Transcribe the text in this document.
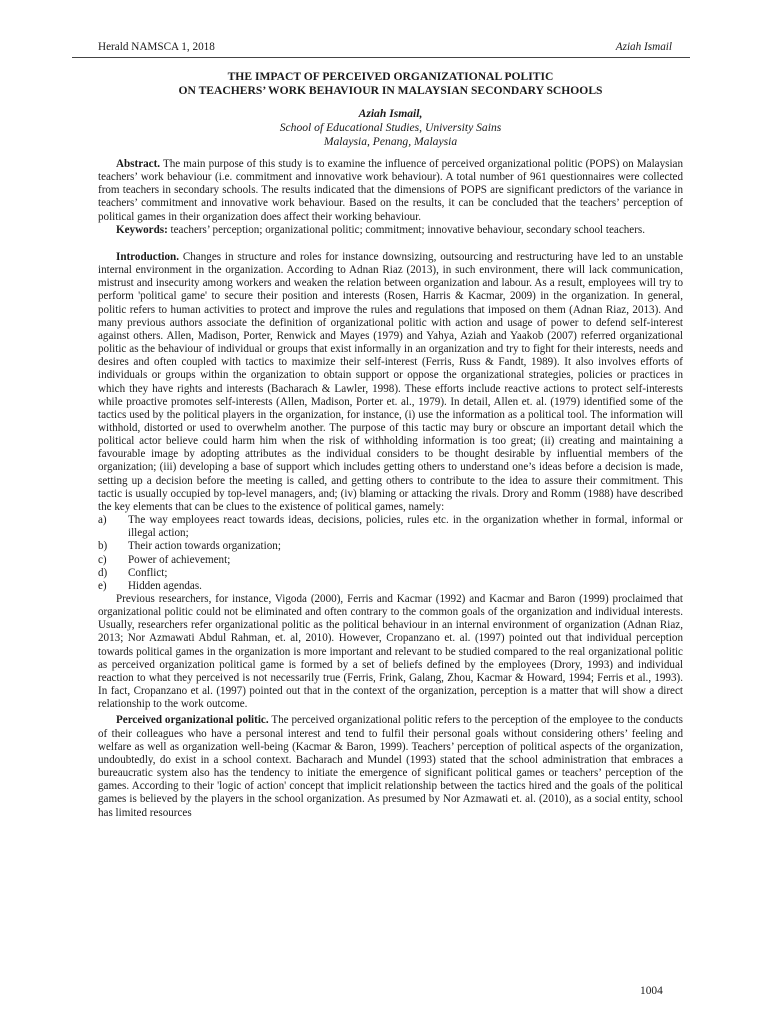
Herald NAMSCA 1, 2018	Aziah Ismail
THE IMPACT OF PERCEIVED ORGANIZATIONAL POLITIC
ON TEACHERS’ WORK BEHAVIOUR IN MALAYSIAN SECONDARY SCHOOLS

Aziah Ismail,

School of Educational Studies, University Sains
Malaysia, Penang, Malaysia

Abstract. The main purpose of this study is to examine the influence of perceived organizational politic (POPS) on Malaysian teachers’ work behaviour (i.e. commitment and innovative work behaviour). A total number of 961 questionnaires were collected from teachers in secondary schools. The results indicated that the dimensions of POPS are significant predictors of the variance in teachers’ commitment and innovative work behaviour. Based on the results, it can be concluded that the teachers’ perception of political games in their organization does affect their working behaviour.

Keywords: teachers’ perception; organizational politic; commitment; innovative behaviour, secondary school teachers.

Introduction. Changes in structure and roles for instance downsizing, outsourcing and restructuring have led to an unstable internal environment in the organization. According to Adnan Riaz (2013), in such environment, there will lack communication, mistrust and insecurity among workers and weaken the relation between organization and labour. As a result, employees will try to perform 'political game' to secure their position and interests (Rosen, Harris & Kacmar, 2009) in the organization. In general, politic refers to human activities to protect and improve the rules and regulations that imposed on them (Adnan Riaz, 2013). And many previous authors associate the definition of organizational politic with action and usage of power to defend self-interest against others. Allen, Madison, Porter, Renwick and Mayes (1979) and Yahya, Aziah and Yaakob (2007) referred organizational politic as the behaviour of individual or groups that exist informally in an organization and try to fight for their interests, needs and desires and often coupled with tactics to maximize their self-interest (Ferris, Russ & Fandt, 1989). It also involves efforts of individuals or groups within the organization to obtain support or oppose the organizational strategies, policies or practices in which they have rights and interests (Bacharach & Lawler, 1998). These efforts include reactive actions to protect self-interests while proactive promotes self-interests (Allen, Madison, Porter et. al., 1979). In detail, Allen et. al. (1979) identified some of the tactics used by the political players in the organization, for instance, (i) use the information as a political tool. The information will withhold, distorted or used to overwhelm another. The purpose of this tactic may bury or obscure an important detail which the political actor believe could harm him when the risk of withholding information is too great; (ii) creating and maintaining a favourable image by adopting attributes as the individual considers to be thought desirable by influential members of the organization; (iii) developing a base of support which includes getting others to understand one’s ideas before a decision is made, setting up a decision before the meeting is called, and getting others to contribute to the idea to assure their commitment. This tactic is usually occupied by top-level managers, and; (iv) blaming or attacking the rivals. Drory and Romm (1988) have described the key elements that can be clues to the existence of political games, namely:

a) The way employees react towards ideas, decisions, policies, rules etc. in the organization whether in formal, informal or illegal action;
b) Their action towards organization;
c) Power of achievement;
d) Conflict;
e) Hidden agendas.

Previous researchers, for instance, Vigoda (2000), Ferris and Kacmar (1992) and Kacmar and Baron (1999) proclaimed that organizational politic could not be eliminated and often contrary to the common goals of the organization and individual interests. Usually, researchers refer organizational politic as the political behaviour in an internal environment of organization (Adnan Riaz, 2013; Nor Azmawati Abdul Rahman, et. al, 2010). However, Cropanzano et. al. (1997) pointed out that individual perception towards political games in the organization is more important and relevant to be studied compared to the real organizational politic as perceived organization political game is formed by a set of beliefs defined by the employees (Drory, 1993) and individual reaction to what they perceived is not necessarily true (Ferris, Frink, Galang, Zhou, Kacmar & Howard, 1994; Ferris et al., 1993). In fact, Cropanzano et al. (1997) pointed out that in the context of the organization, perception is a matter that will show a direct relationship to the work outcome.

Perceived organizational politic. The perceived organizational politic refers to the perception of the employee to the conducts of their colleagues who have a personal interest and tend to fulfil their personal goals without considering others’ feeling and welfare as well as organization well-being (Kacmar & Baron, 1999). Teachers’ perception of political aspects of the organization, undoubtedly, do exist in a school context. Bacharach and Mundel (1993) stated that the school administration that embraces a bureaucratic system also has the tendency to initiate the emergence of significant political games or teachers’ perception of the games. According to their 'logic of action' concept that implicit relationship between the tactics hired and the goals of the political games is believed by the players in the school organization. As presumed by Nor Azmawati et. al. (2010), as a social entity, school has limited resources

1004
